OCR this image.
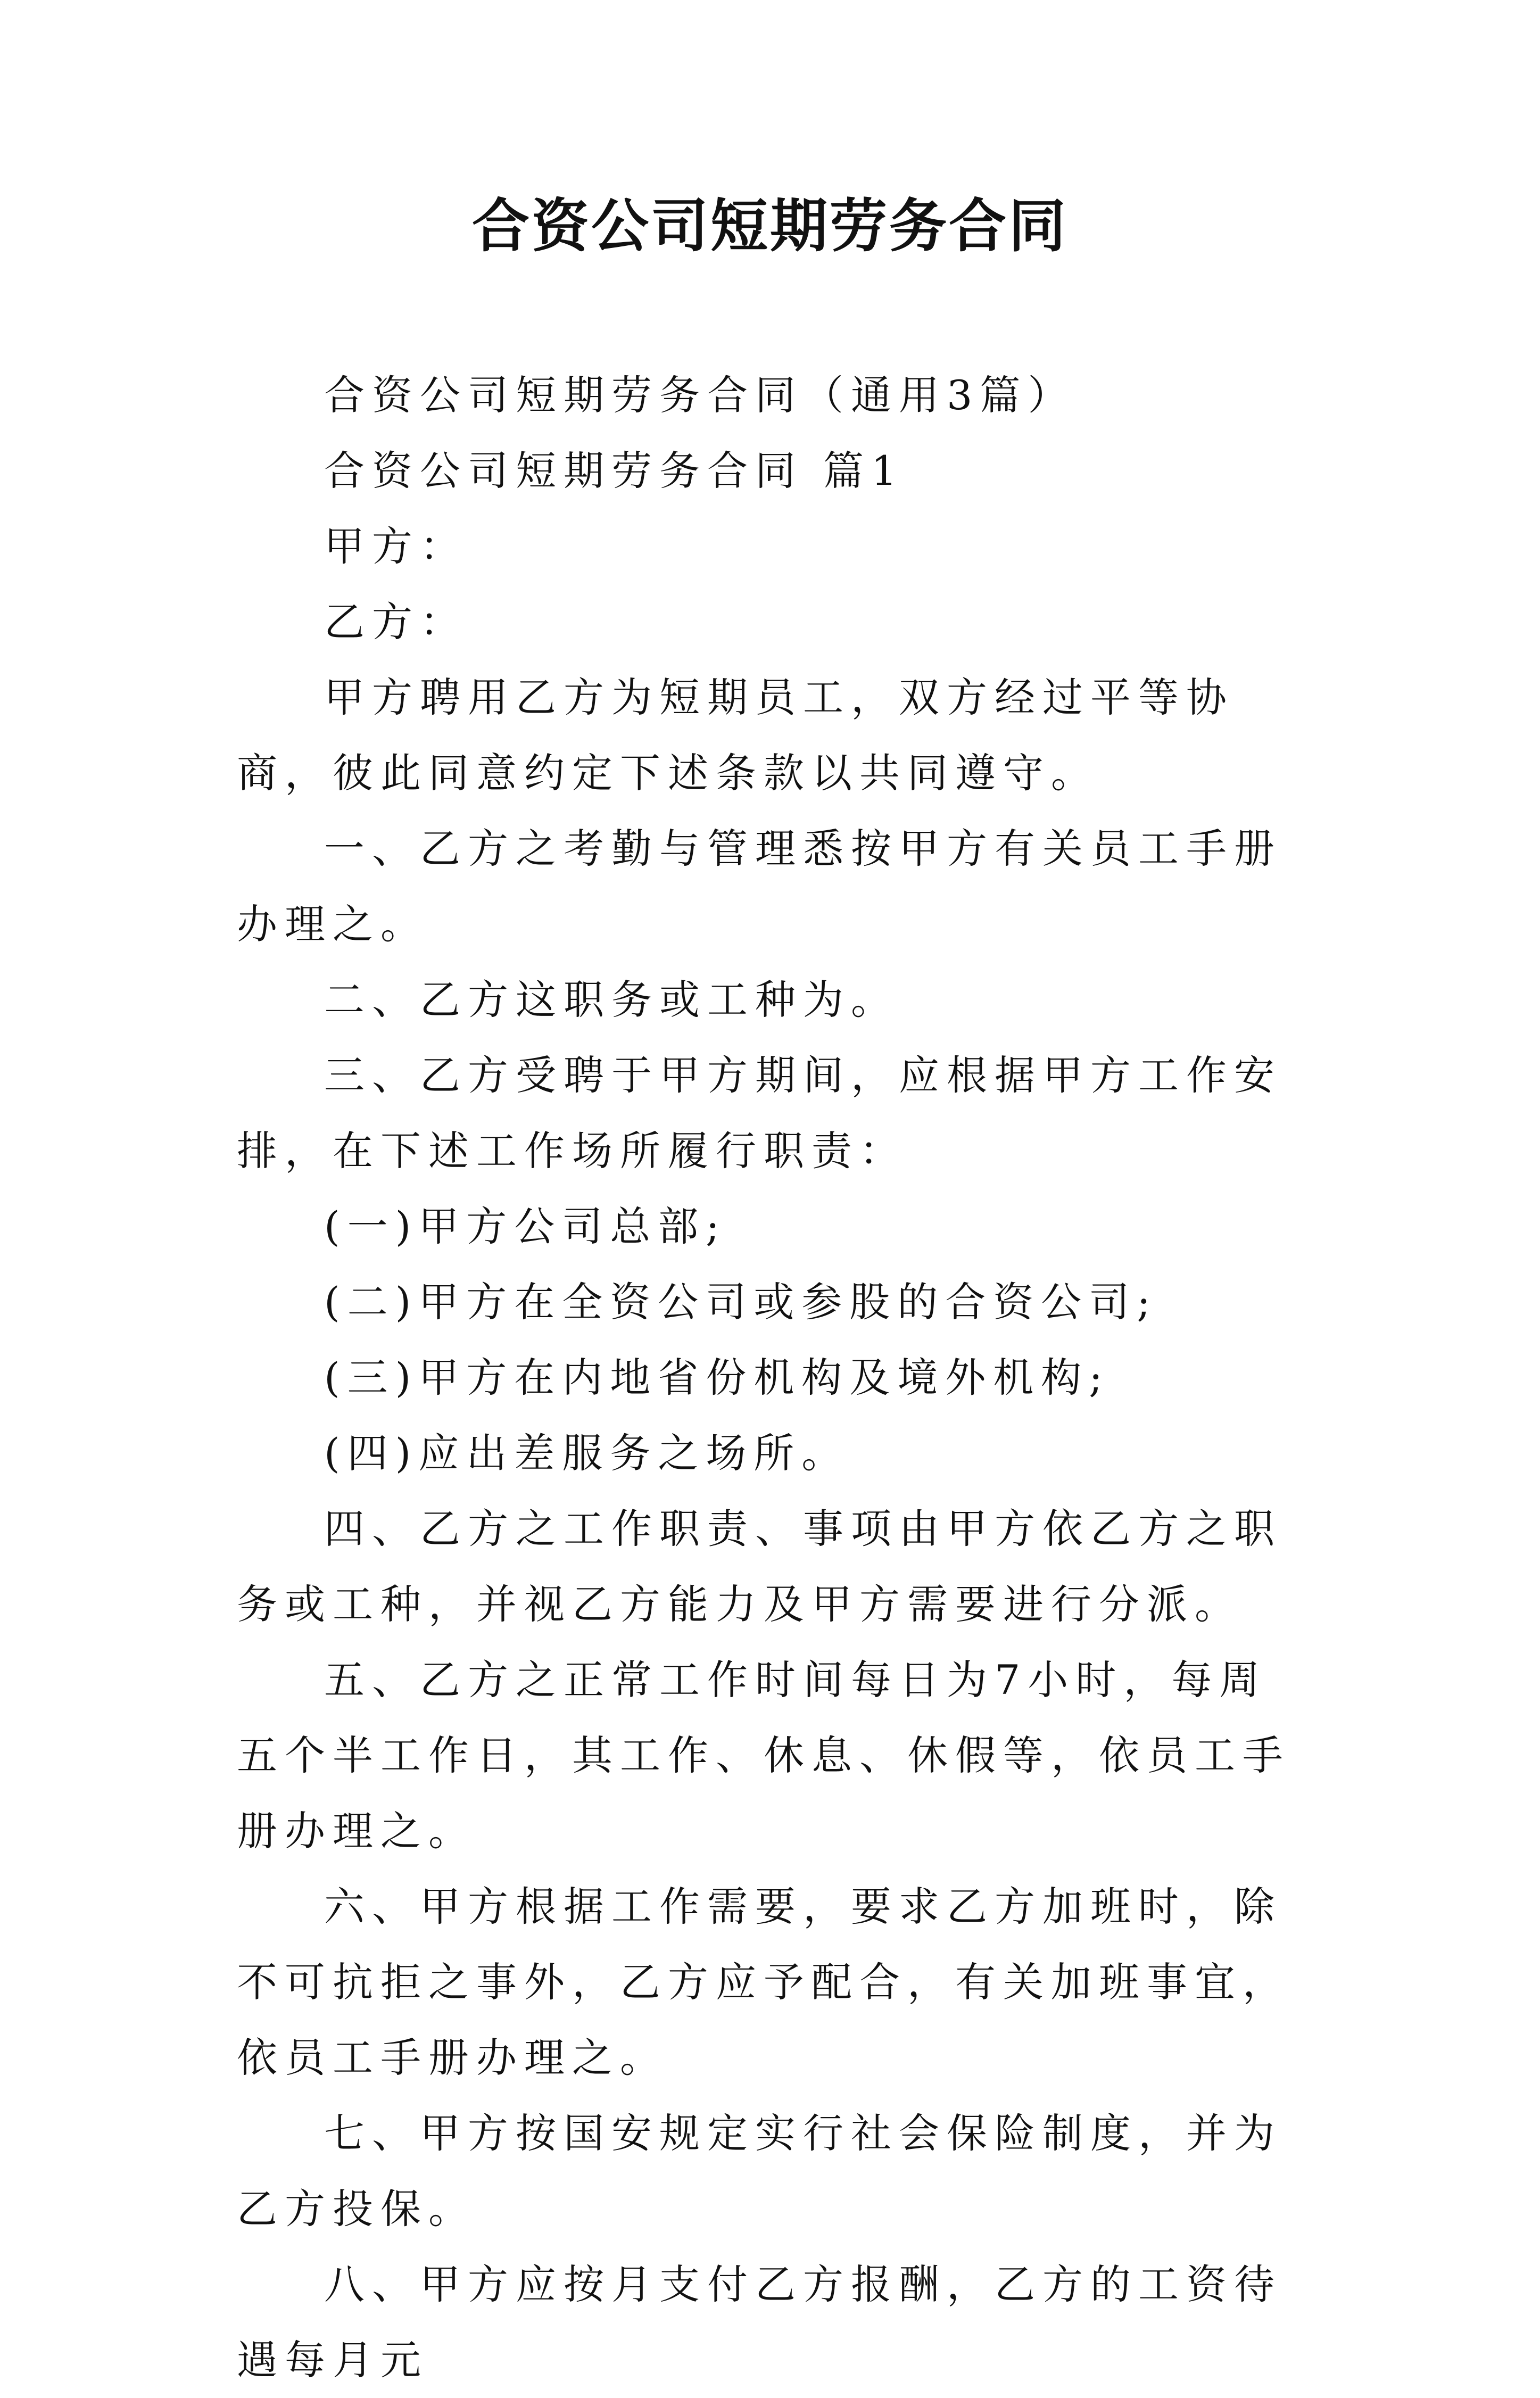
合资公司短期劳务合同

合资公司短期劳务合同（通用3篇）

合资公司短期劳务合同 篇1

甲方：

乙方：

甲方聘用乙方为短期员工，双方经过平等协商，彼此同意约定下述条款以共同遵守。

一、乙方之考勤与管理悉按甲方有关员工手册办理之。

二、乙方这职务或工种为。

三、乙方受聘于甲方期间，应根据甲方工作安排，在下述工作场所履行职责：

(一)甲方公司总部;

(二)甲方在全资公司或参股的合资公司;

(三)甲方在内地省份机构及境外机构;

(四)应出差服务之场所。

四、乙方之工作职责、事项由甲方依乙方之职务或工种，并视乙方能力及甲方需要进行分派。

五、乙方之正常工作时间每日为7小时，每周五个半工作日，其工作、休息、休假等，依员工手册办理之。

六、甲方根据工作需要，要求乙方加班时，除不可抗拒之事外，乙方应予配合，有关加班事宜，依员工手册办理之。

七、甲方按国安规定实行社会保险制度，并为乙方投保。

八、甲方应按月支付乙方报酬，乙方的工资待遇每月元
